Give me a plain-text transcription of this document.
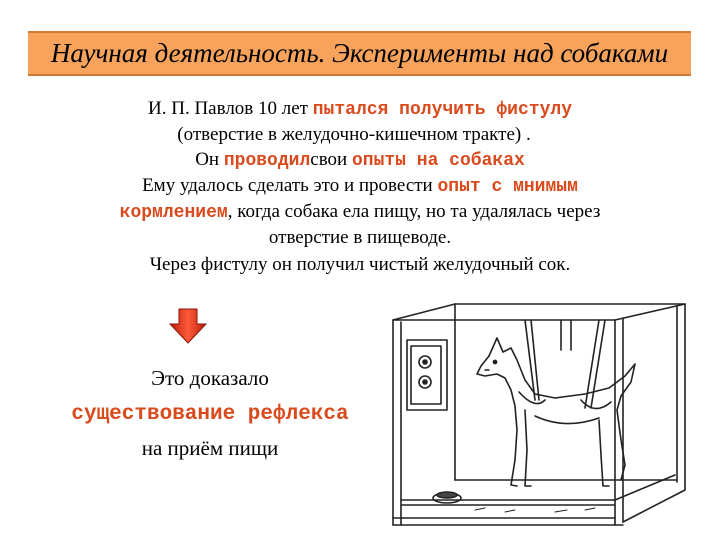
Научная деятельность. Эксперименты над собаками
И. П. Павлов 10 лет пытался получить фистулу
(отверстие в желудочно-кишечном тракте) .
Он проводилсвои опыты на собаках
Ему удалось сделать это и провести опыт с мнимым
кормлением, когда собака ела пищу, но та удалялась через
отверстие в пищеводе.
Через фистулу он получил чистый желудочный сок.
Это доказало
существование рефлекса
на приём пищи
